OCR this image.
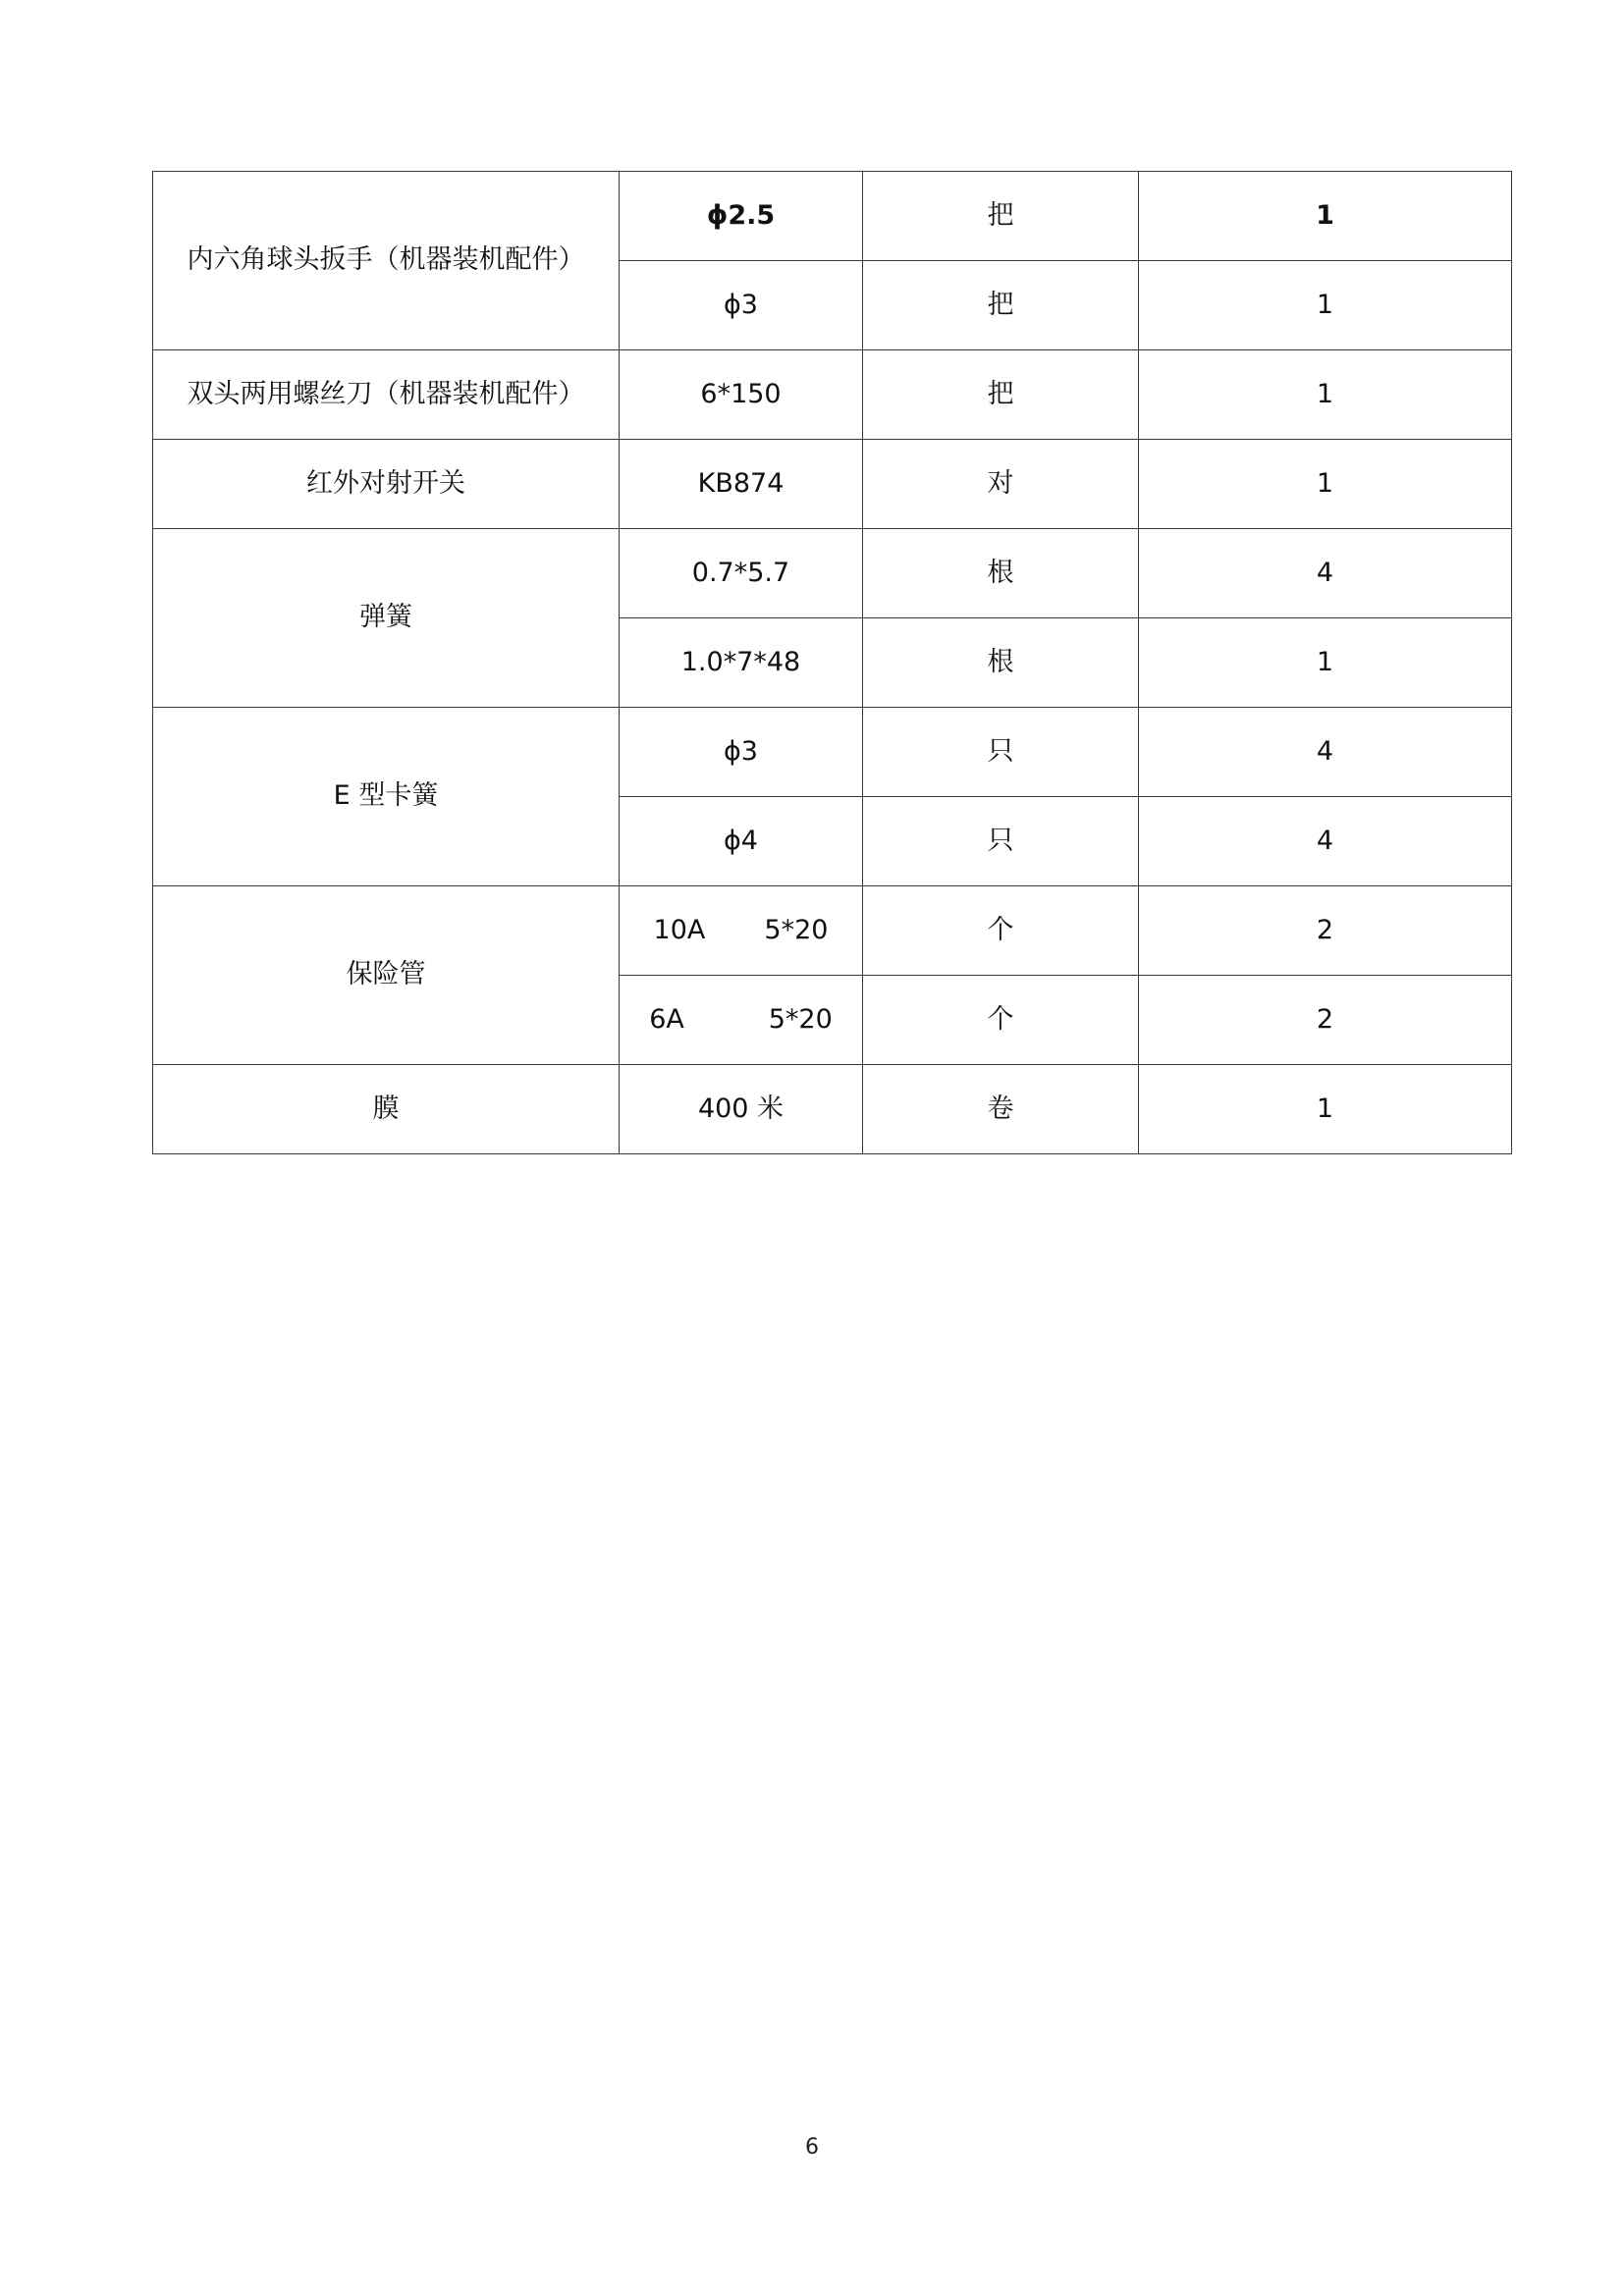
内六角球头扳手（机器装机配件）	ϕ2.5	把	1
	ϕ3	把	1
双头两用螺丝刀（机器装机配件）	6*150	把	1
红外对射开关	KB874	对	1
弹簧	0.7*5.7	根	4
	1.0*7*48	根	1
E 型卡簧	ϕ3	只	4
	ϕ4	只	4
保险管	10A       5*20	个	2
	6A          5*20	个	2
膜	400 米	卷	1
6
